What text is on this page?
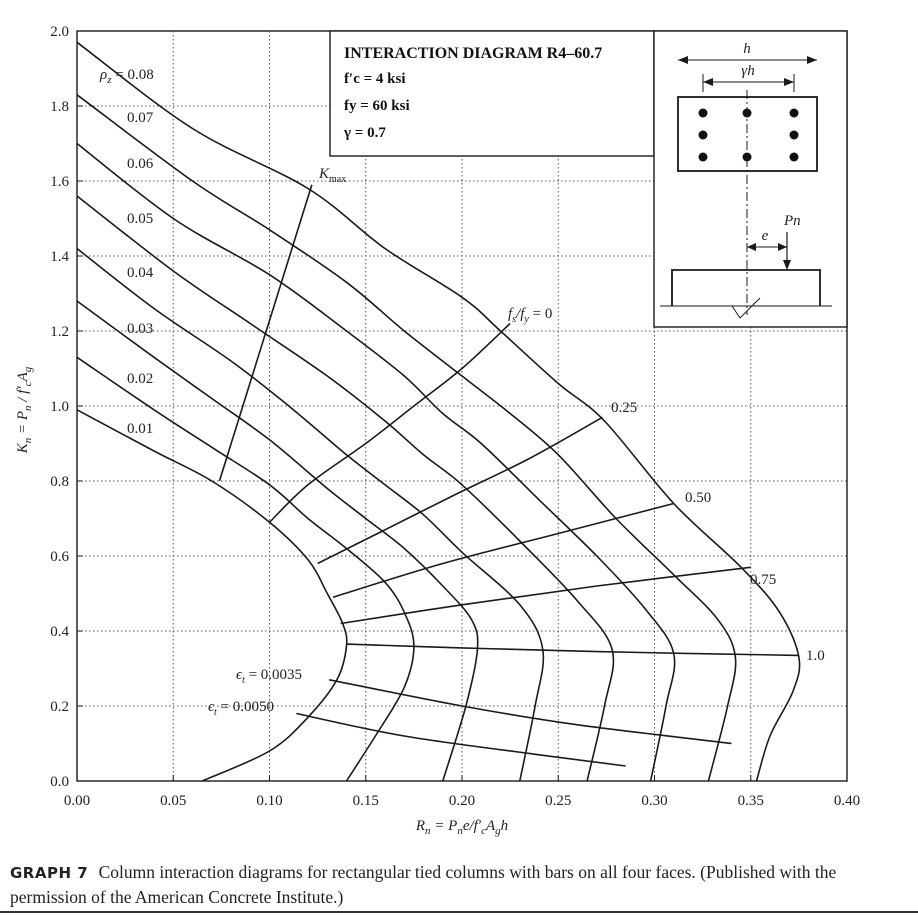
0.00	0.05	0.10	0.15	0.20	0.25	0.30	0.35	0.40
0.0
0.2
0.4
0.6
0.8
1.0
1.2
1.4
1.6
1.8
2.0
$R_n = P_ne/f'_cA_gh$
$K_n = P_n / f'_cA_g$
INTERACTION DIAGRAM R4–60.7
f′c = 4 ksi
fy = 60 ksi
γ = 0.7
h
γh
e
Pn
$\rho_z = 0.08$
0.07
0.06
0.05
0.04
0.03
0.02
0.01
$K_{max}$
$f_s/f_y = 0$
0.25
0.50
0.75
1.0
$\epsilon_t = 0.0035$
$\epsilon_t = 0.0050$
GRAPH 7 Column interaction diagrams for rectangular tied columns with bars on all four faces. (Published with the permission of the American Concrete Institute.)
